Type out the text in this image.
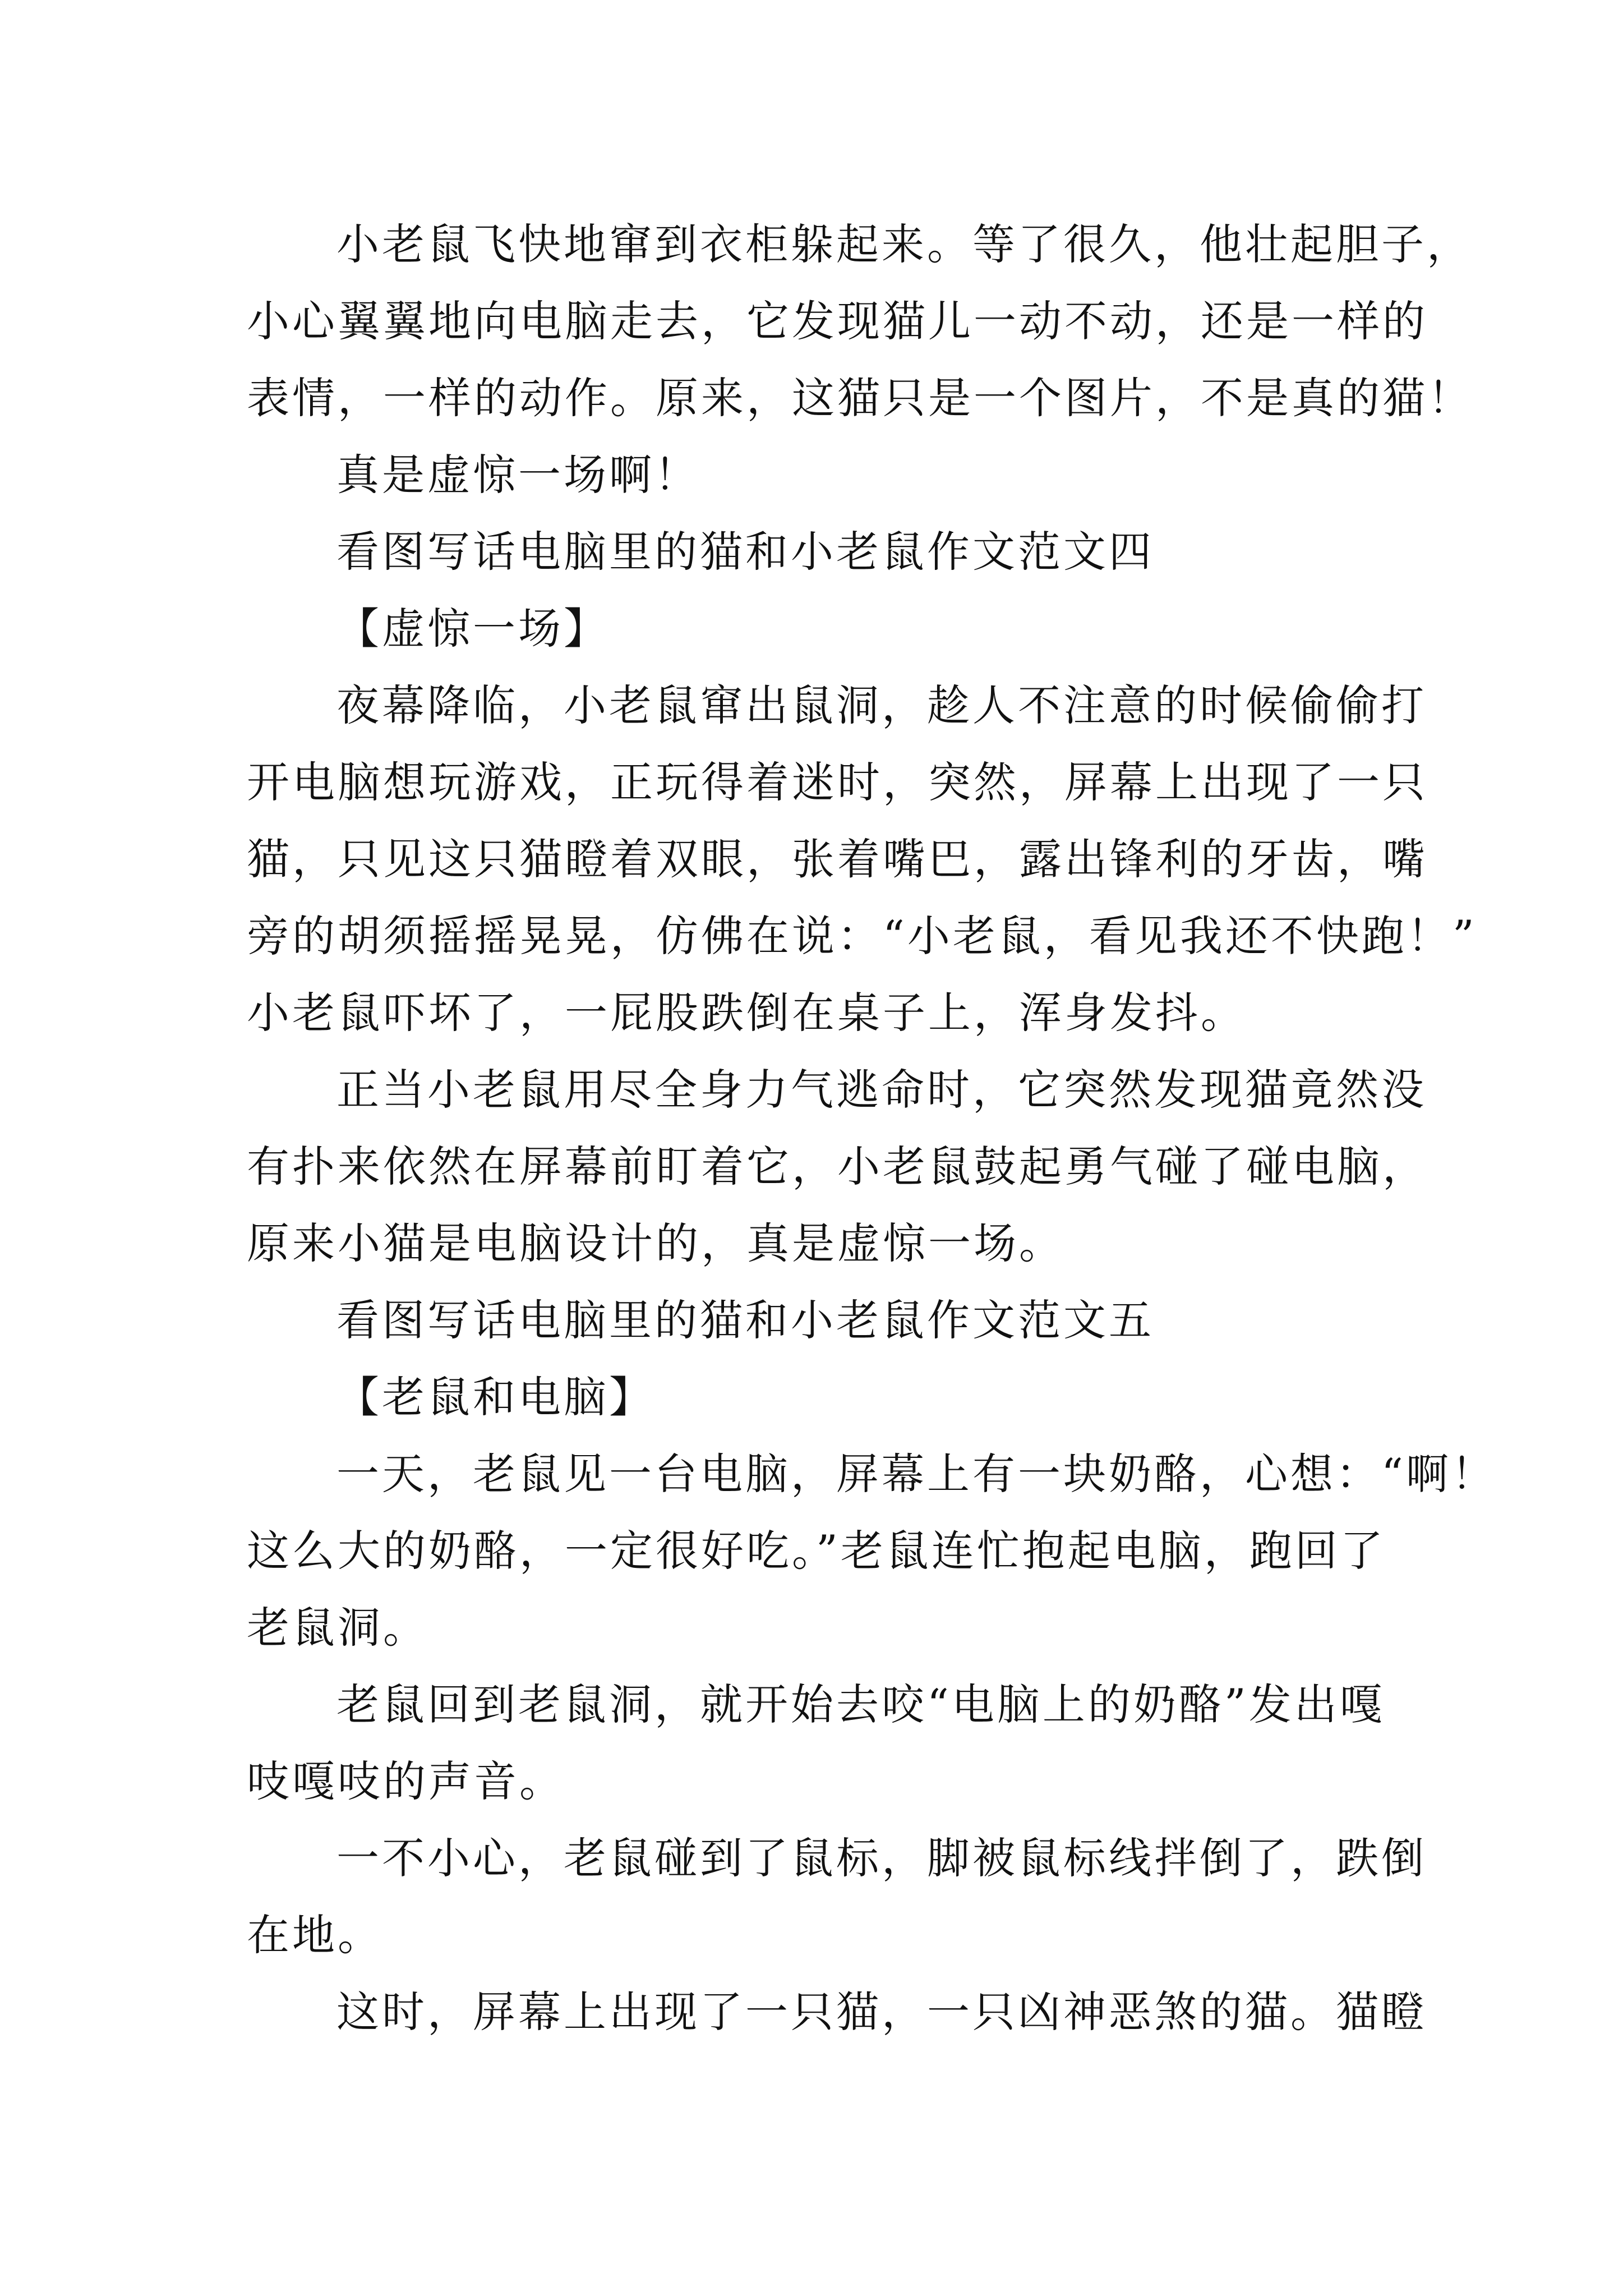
小老鼠飞快地窜到衣柜躲起来。等了很久，他壮起胆子，
小心翼翼地向电脑走去，它发现猫儿一动不动，还是一样的
表情，一样的动作。原来，这猫只是一个图片，不是真的猫！
真是虚惊一场啊！
看图写话电脑里的猫和小老鼠作文范文四
【虚惊一场】
夜幕降临，小老鼠窜出鼠洞，趁人不注意的时候偷偷打
开电脑想玩游戏，正玩得着迷时，突然，屏幕上出现了一只
猫，只见这只猫瞪着双眼，张着嘴巴，露出锋利的牙齿，嘴
旁的胡须摇摇晃晃，仿佛在说：“小老鼠，看见我还不快跑！”
小老鼠吓坏了，一屁股跌倒在桌子上，浑身发抖。
正当小老鼠用尽全身力气逃命时，它突然发现猫竟然没
有扑来依然在屏幕前盯着它，小老鼠鼓起勇气碰了碰电脑，
原来小猫是电脑设计的，真是虚惊一场。
看图写话电脑里的猫和小老鼠作文范文五
【老鼠和电脑】
一天，老鼠见一台电脑，屏幕上有一块奶酪，心想：“啊！
这么大的奶酪，一定很好吃。”老鼠连忙抱起电脑，跑回了
老鼠洞。
老鼠回到老鼠洞，就开始去咬“电脑上的奶酪”发出嘎
吱嘎吱的声音。
一不小心，老鼠碰到了鼠标，脚被鼠标线拌倒了，跌倒
在地。
这时，屏幕上出现了一只猫，一只凶神恶煞的猫。猫瞪
